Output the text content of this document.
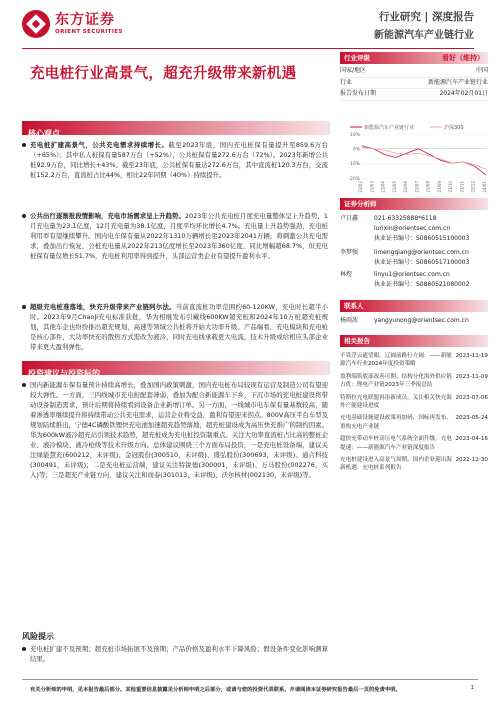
东方证券
ORIENT SECURITIES
行业研究 | 深度报告
新能源汽车产业链行业
充电桩行业高景气，超充升级带来新机遇
核心观点
充电桩扩建高景气，公共充电需求持续增长。截至2023年底，国内充电桩保有量提升至859.6万台（+65%）；其中私人桩保有量587万台（+52%），公共桩保有量272.6万台（72%）。2023年新增公共桩92.9万台，同比增长+43%。截至23年底，公共桩保有量达272.6万台，其中直流桩120.3万台，交流桩152.2万台，直流桩占比44%，相比22年同期（40%）持续提升。
公共出行逐渐报段情影响，充电市场需求呈上升趋势。2023年公共充电桩月度充电量整体呈上升趋势，1月充电量为23.1亿度，12月充电量为38.1亿度，月度平均环比增长4.7%。充电量上升趋势强劲，充电桩利用率有望继续攀升。国内电车保有量从2022年1310万辆增长至2023年2041万辆，将刺激公共充电需求，叠加出行恢复，公桩充电量从2022年213亿度增长至2023年360亿度，同比增幅超68.7%，但充电桩保有量仅增长51.7%，充电桩利用率得到提升，头部运营类企业有望提升盈利水平。
超级充电桩准落地，快充升级带来产业链阿尔法。当前直流桩功率范围约60-120KW，充电时长超半小时。2023年9月ChaoJi充电标准获批，华为相继发布引藏线600KW超充桩和2024年10万桩超充桩规划，其他车企也纷纷推出超充规划，高速等领域公共桩将开始大功率升级。产品端看，充电模块和充电枪是核心部件，大功率快充的散热方式需改为液冷，同时充电线承载更大电流，技术升级或给相应头部企业带来更大盈利弹性。
投资建议与投资标的
国内新能源车保有量预计持续高增长，叠加国内政策刺激，国内充电桩布局较现有运营及制造公司有望迎较大弹性。一方面，三四线城市充电桩配套薄弱，叠加为配合新能源车下乡，下沉市场的充电桩建设将带动设备制造需求，预计后期将持续看到设备企业新增订单。另一方面，一线城市电车保有量基数较高，随着渗透率继续提升将持续带动公共充电需求，运营企业将受益，盈利有望迎来拐点。800V高压平台车型及规划陆续推出，宁德4C磷酸铁锂快充电池加速超充趋势落地，超充桩建设成为高压快充推广的制约因素。华为600kW液冷超充站引领技术趋势，超充桩成为充电桩投资制重点。关注大功率直流桩占比高的整桩企业、液冷模块、液冷枪线等技术升级方向。总体建议围绕三个方面布局投资，一是充电桩设备端，建议关注绿能慧充(600212，未评级)、金冠股份(300510，未评级)、盛弘股份(300693，未评级)、通合科技(300491，未评级)；二是充电桩运营端，建议关注特锐德(300001，未评级)、万马股份(002276，买入)等；三是超充产业链方向，建议关注和而泰(301013，未评级)、沃尔核材(002130，未评级)等。
风险提示
充电桩扩建不及预期；超充桩市场拓展不及预期；产品价格及盈利水平下降风险；假设条件变化影响测算结果。
行业评级	看好（维持）
国家/地区	中国
行业	新能源汽车产业链行业
报告发布日期	2024年02月01日
新能源汽车产业链行业	沪深300
10%
0%
-10%
-20%
23/02 23/03 23/04 23/05 23/06 23/07 23/08 23/09 23/10 23/11 23/12 24/01
证券分析师
卢日鑫	021-63325888*6118
lurixin@orientsec.com.cn
执业证书编号：S0860515100003
李梦强	limengqiang@orientsec.com.cn
执业证书编号：S0860517100003
林煜	linyu1@orientsec.com.cn
执业证书编号：S0860521080002
联系人
杨雨浓	yangyunong@orientsec.com.cn
相关报告
不畏浮云遮望眼，辽阔前路行方阔：——新能源汽车行业2024年度投资策略
2023-11-19
盈利端筑底部改善可期，结构分化海外供应链占优：锂电产业链2023年三季报总结
2023-11-09
特斯拉充电联盟再添新成员，关注相关快充海外产能建设进度
2023-07-06
充电基础设施建设政策再加码，国标再发布，重构充电产业链
2023-05-24
超快充带动车桩高压电气系统全面升级，充电提速：——新能源汽车产业链深度报告
2023-04-16
充电桩建设进入高景气周期，国内企业迎出海新机遇：充电桩系列报告
2022-12-30
有关分析师的申明，见本报告最后部分。其他重要信息披露见分析师申明之后部分，或请与您的投资代表联系。并请阅读本证券研究报告最后一页的免责申明。	1
